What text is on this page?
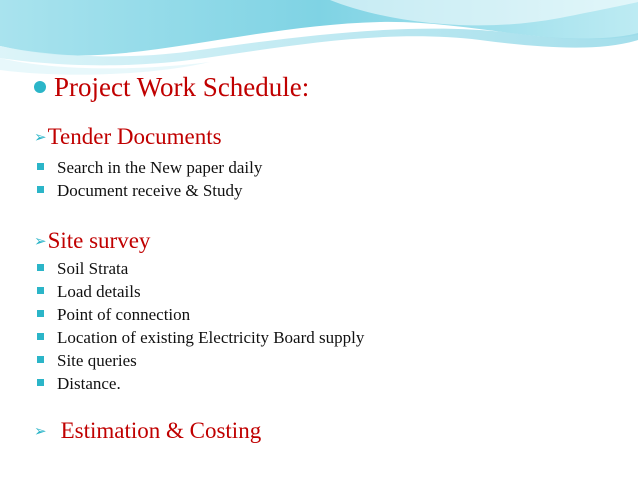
Project Work Schedule:
➢Tender Documents
Search in the New paper daily
Document receive & Study
➢Site survey
Soil Strata
Load details
Point of connection
Location of existing Electricity Board supply
Site queries
Distance.
➢ Estimation & Costing
